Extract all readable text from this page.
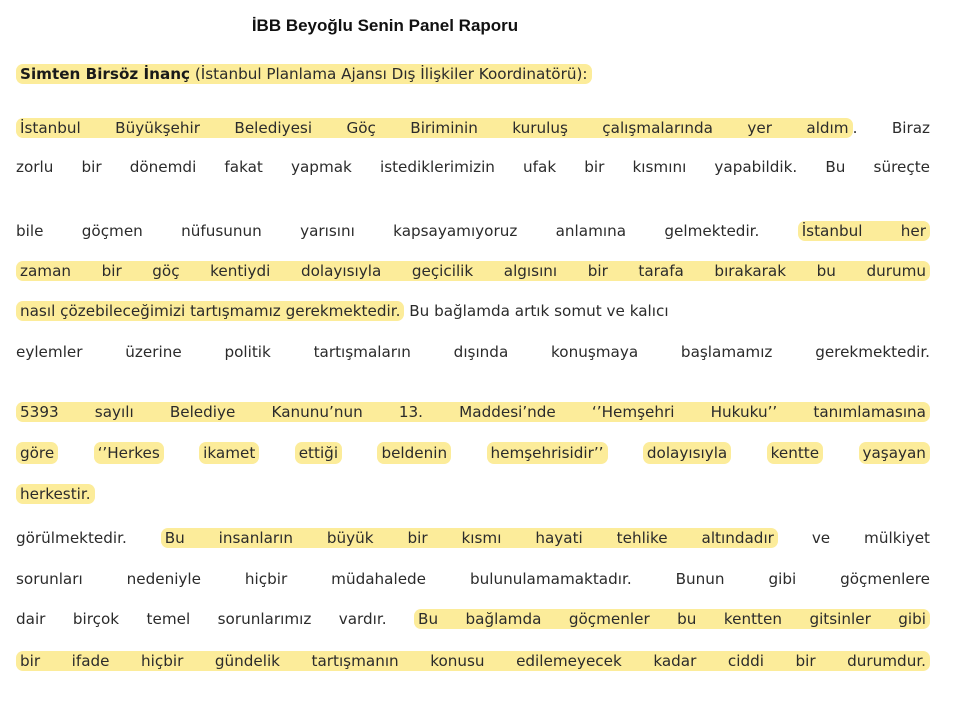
İBB Beyoğlu Senin Panel Raporu
Simten Birsöz İnanç (İstanbul Planlama Ajansı Dış İlişkiler Koordinatörü):
İstanbul Büyükşehir Belediyesi Göç Biriminin kuruluş çalışmalarında yer aldım . Biraz
zorlu bir dönemdi fakat yapmak istediklerimizin ufak bir kısmını yapabildik. Bu süreçte
bile göçmen nüfusunun yarısını kapsayamıyoruz anlamına gelmektedir.	İstanbul her
zaman bir göç kentiydi dolayısıyla geçicilik algısını bir tarafa bırakarak bu durumu
nasıl çözebileceğimizi tartışmamız gerekmektedir. Bu bağlamda artık somut ve kalıcı
eylemler üzerine politik tartışmaların dışında konuşmaya başlamamız gerekmektedir.
5393 sayılı Belediye Kanunu’nun 13. Maddesi’nde ‘’Hemşehri Hukuku’’ tanımlamasına
göre	‘’Herkes	ikamet	ettiği	beldenin	hemşehrisidir’’	dolayısıyla	kentte	yaşayan
herkestir.
görülmektedir. Bu insanların büyük bir kısmı hayati tehlike altındadır ve mülkiyet
sorunları nedeniyle hiçbir müdahalede bulunulamamaktadır. Bunun gibi göçmenlere
dair birçok temel sorunlarımız vardır. Bu bağlamda göçmenler bu kentten gitsinler gibi
bir ifade hiçbir gündelik tartışmanın konusu edilemeyecek kadar ciddi bir durumdur.
